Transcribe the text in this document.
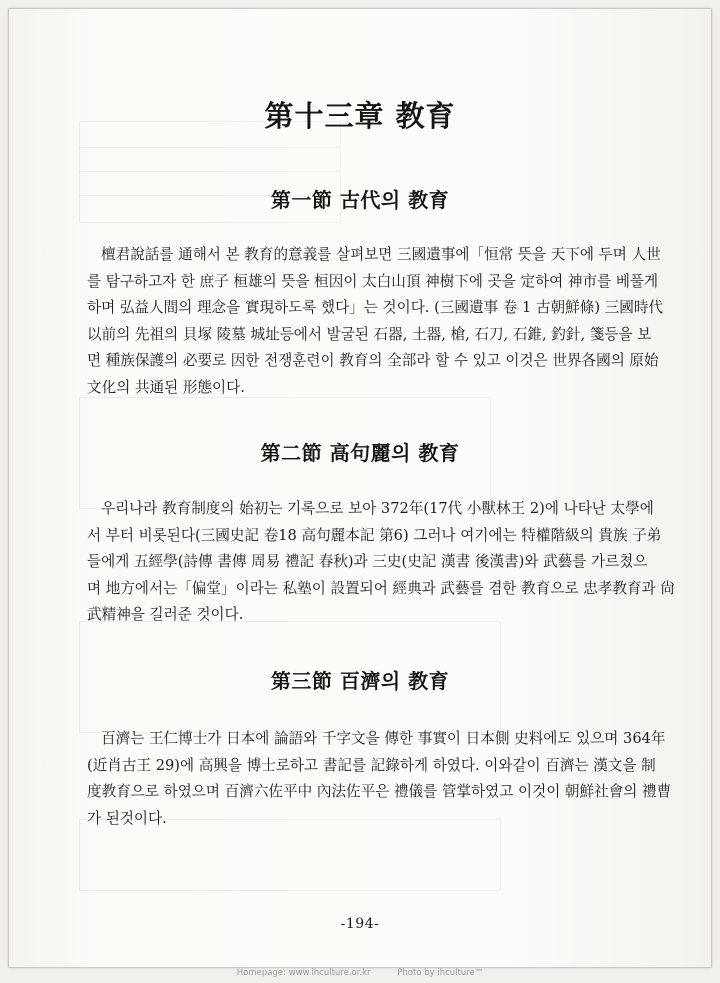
第十三章 教育
第一節 古代의 教育
檀君說話를 通해서 본 教育的意義를 살펴보면 三國遺事에「恒常 뜻을 天下에 두며 人世
를 탐구하고자 한 庶子 桓雄의 뜻을 桓因이 太白山頂 神樹下에 곳을 定하여 神市를 베풀게
하며 弘益人間의 理念을 實現하도록 했다」는 것이다. (三國遺事 卷 1 古朝鮮條) 三國時代
以前의 先祖의 貝塚 陵墓 城址등에서 발굴된 石器, 土器, 槍, 石刀, 石錐, 釣針, 箋등을 보
면 種族保護의 必要로 因한 전쟁훈련이 教育의 全部라 할 수 있고 이것은 世界各國의 原始
文化의 共通된 形態이다.
第二節 高句麗의 教育
우리나라 教育制度의 始初는 기록으로 보아 372年(17代 小獸林王 2)에 나타난 太學에
서 부터 비롯된다(三國史記 卷18 高句麗本記 第6) 그러나 여기에는 特權階級의 貴族 子弟
들에게 五經學(詩傳 書傳 周易 禮記 春秋)과 三史(史記 漢書 後漢書)와 武藝를 가르쳤으
며 地方에서는「偏堂」이라는 私塾이 設置되어 經典과 武藝를 겸한 教育으로 忠孝教育과 尙
武精神을 길러준 것이다.
第三節 百濟의 教育
百濟는 王仁博士가 日本에 論語와 千字文을 傳한 事實이 日本側 史料에도 있으며 364年
(近肖古王 29)에 高興을 博士로하고 書記를 記錄하게 하였다. 이와같이 百濟는 漢文을 制
度教育으로 하였으며 百濟六佐平中 內法佐平은 禮儀를 管掌하였고 이것이 朝鮮社會의 禮曹
가 된것이다.
-194-
Homepage: www.ihculture.or.kr	Photo by ihculture™
